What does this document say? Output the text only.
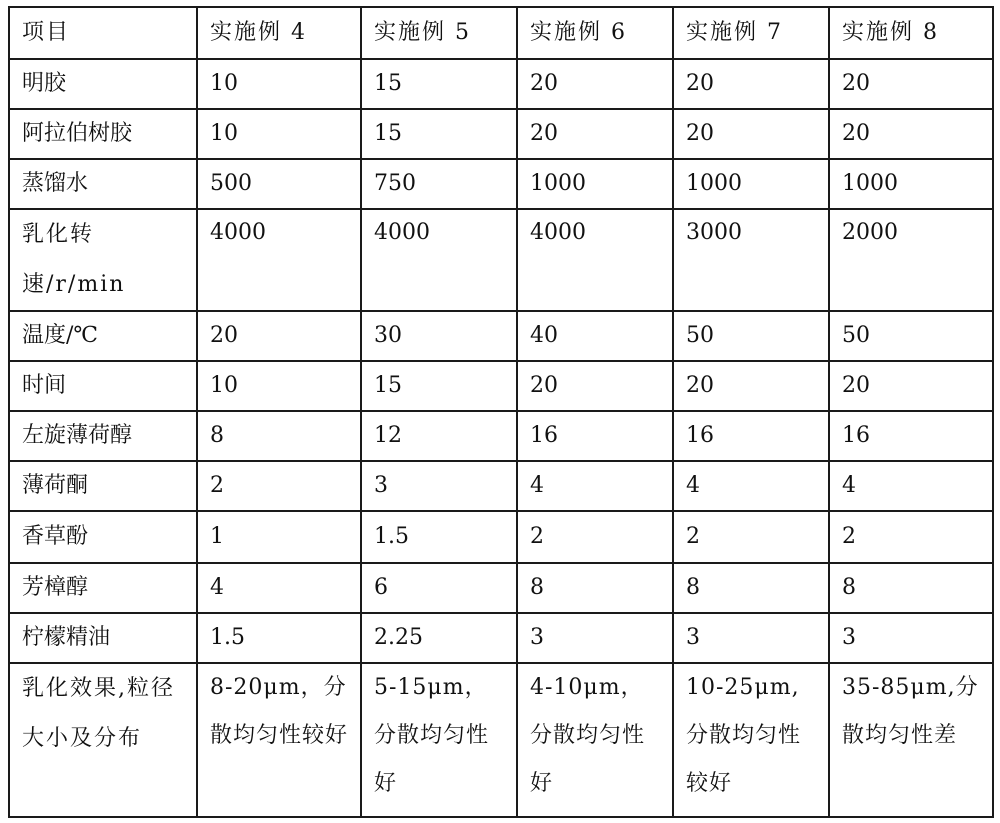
项目	实施例 4	实施例 5	实施例 6	实施例 7	实施例 8
明胶	10	15	20	20	20
阿拉伯树胶	10	15	20	20	20
蒸馏水	500	750	1000	1000	1000
乳化转速/r/min	4000	4000	4000	3000	2000
温度/℃	20	30	40	50	50
时间	10	15	20	20	20
左旋薄荷醇	8	12	16	16	16
薄荷酮	2	3	4	4	4
香草酚	1	1.5	2	2	2
芳樟醇	4	6	8	8	8
柠檬精油	1.5	2.25	3	3	3
乳化效果,粒径大小及分布	8-20μm，分散均匀性较好	5-15μm，分散均匀性好	4-10μm，分散均匀性好	10-25μm,分散均匀性较好	35-85μm,分散均匀性差
